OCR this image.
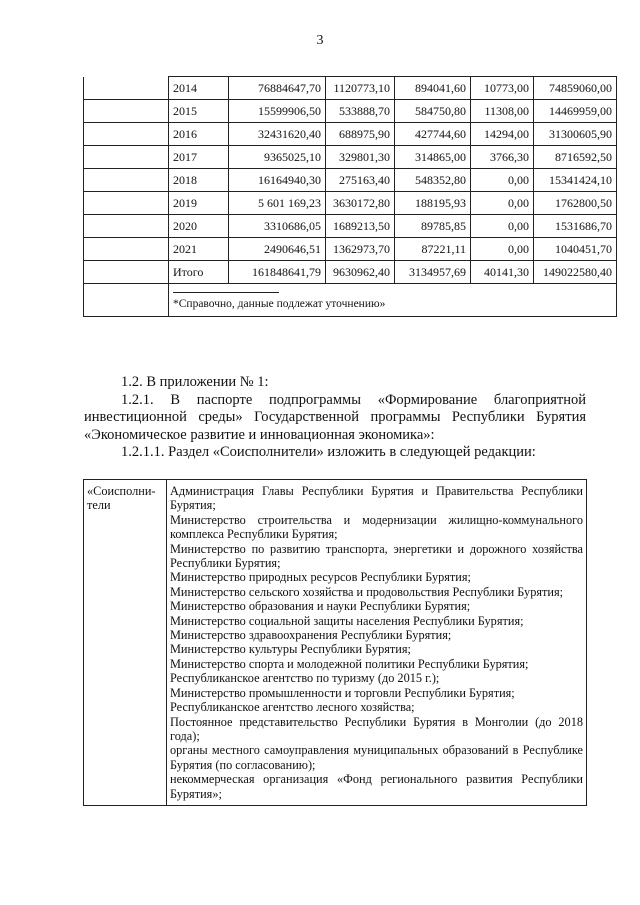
3
	2014	76884647,70	1120773,10	894041,60	10773,00	74859060,00
	2015	15599906,50	533888,70	584750,80	11308,00	14469959,00
	2016	32431620,40	688975,90	427744,60	14294,00	31300605,90
	2017	9365025,10	329801,30	314865,00	3766,30	8716592,50
	2018	16164940,30	275163,40	548352,80	0,00	15341424,10
	2019	5 601 169,23	3630172,80	188195,93	0,00	1762800,50
	2020	3310686,05	1689213,50	89785,85	0,00	1531686,70
	2021	2490646,51	1362973,70	87221,11	0,00	1040451,70
	Итого	161848641,79	9630962,40	3134957,69	40141,30	149022580,40

	*Справочно, данные подлежат уточнению»					

1.2. В приложении № 1:

1.2.1. В паспорте подпрограммы «Формирование благоприятной инвестиционной среды» Государственной программы Республики Бурятия «Экономическое развитие и инновационная экономика»:

1.2.1.1. Раздел «Соисполнители» изложить в следующей редакции:

«Соисполни-
тели

Администрация Главы Республики Бурятия и Правительства Республики Бурятия;
Министерство строительства и модернизации жилищно-коммунального комплекса Республики Бурятия;
Министерство по развитию транспорта, энергетики и дорожного хозяйства Республики Бурятия;
Министерство природных ресурсов Республики Бурятия;
Министерство сельского хозяйства и продовольствия Республики Бурятия;
Министерство образования и науки Республики Бурятия;
Министерство социальной защиты населения Республики Бурятия;
Министерство здравоохранения Республики Бурятия;
Министерство культуры Республики Бурятия;
Министерство спорта и молодежной политики Республики Бурятия;
Республиканское агентство по туризму (до 2015 г.);
Министерство промышленности и торговли Республики Бурятия;
Республиканское агентство лесного хозяйства;
Постоянное представительство Республики Бурятия в Монголии (до 2018 года);
органы местного самоуправления муниципальных образований в Республике Бурятия (по согласованию);
некоммерческая организация «Фонд регионального развития Республики Бурятия»;
